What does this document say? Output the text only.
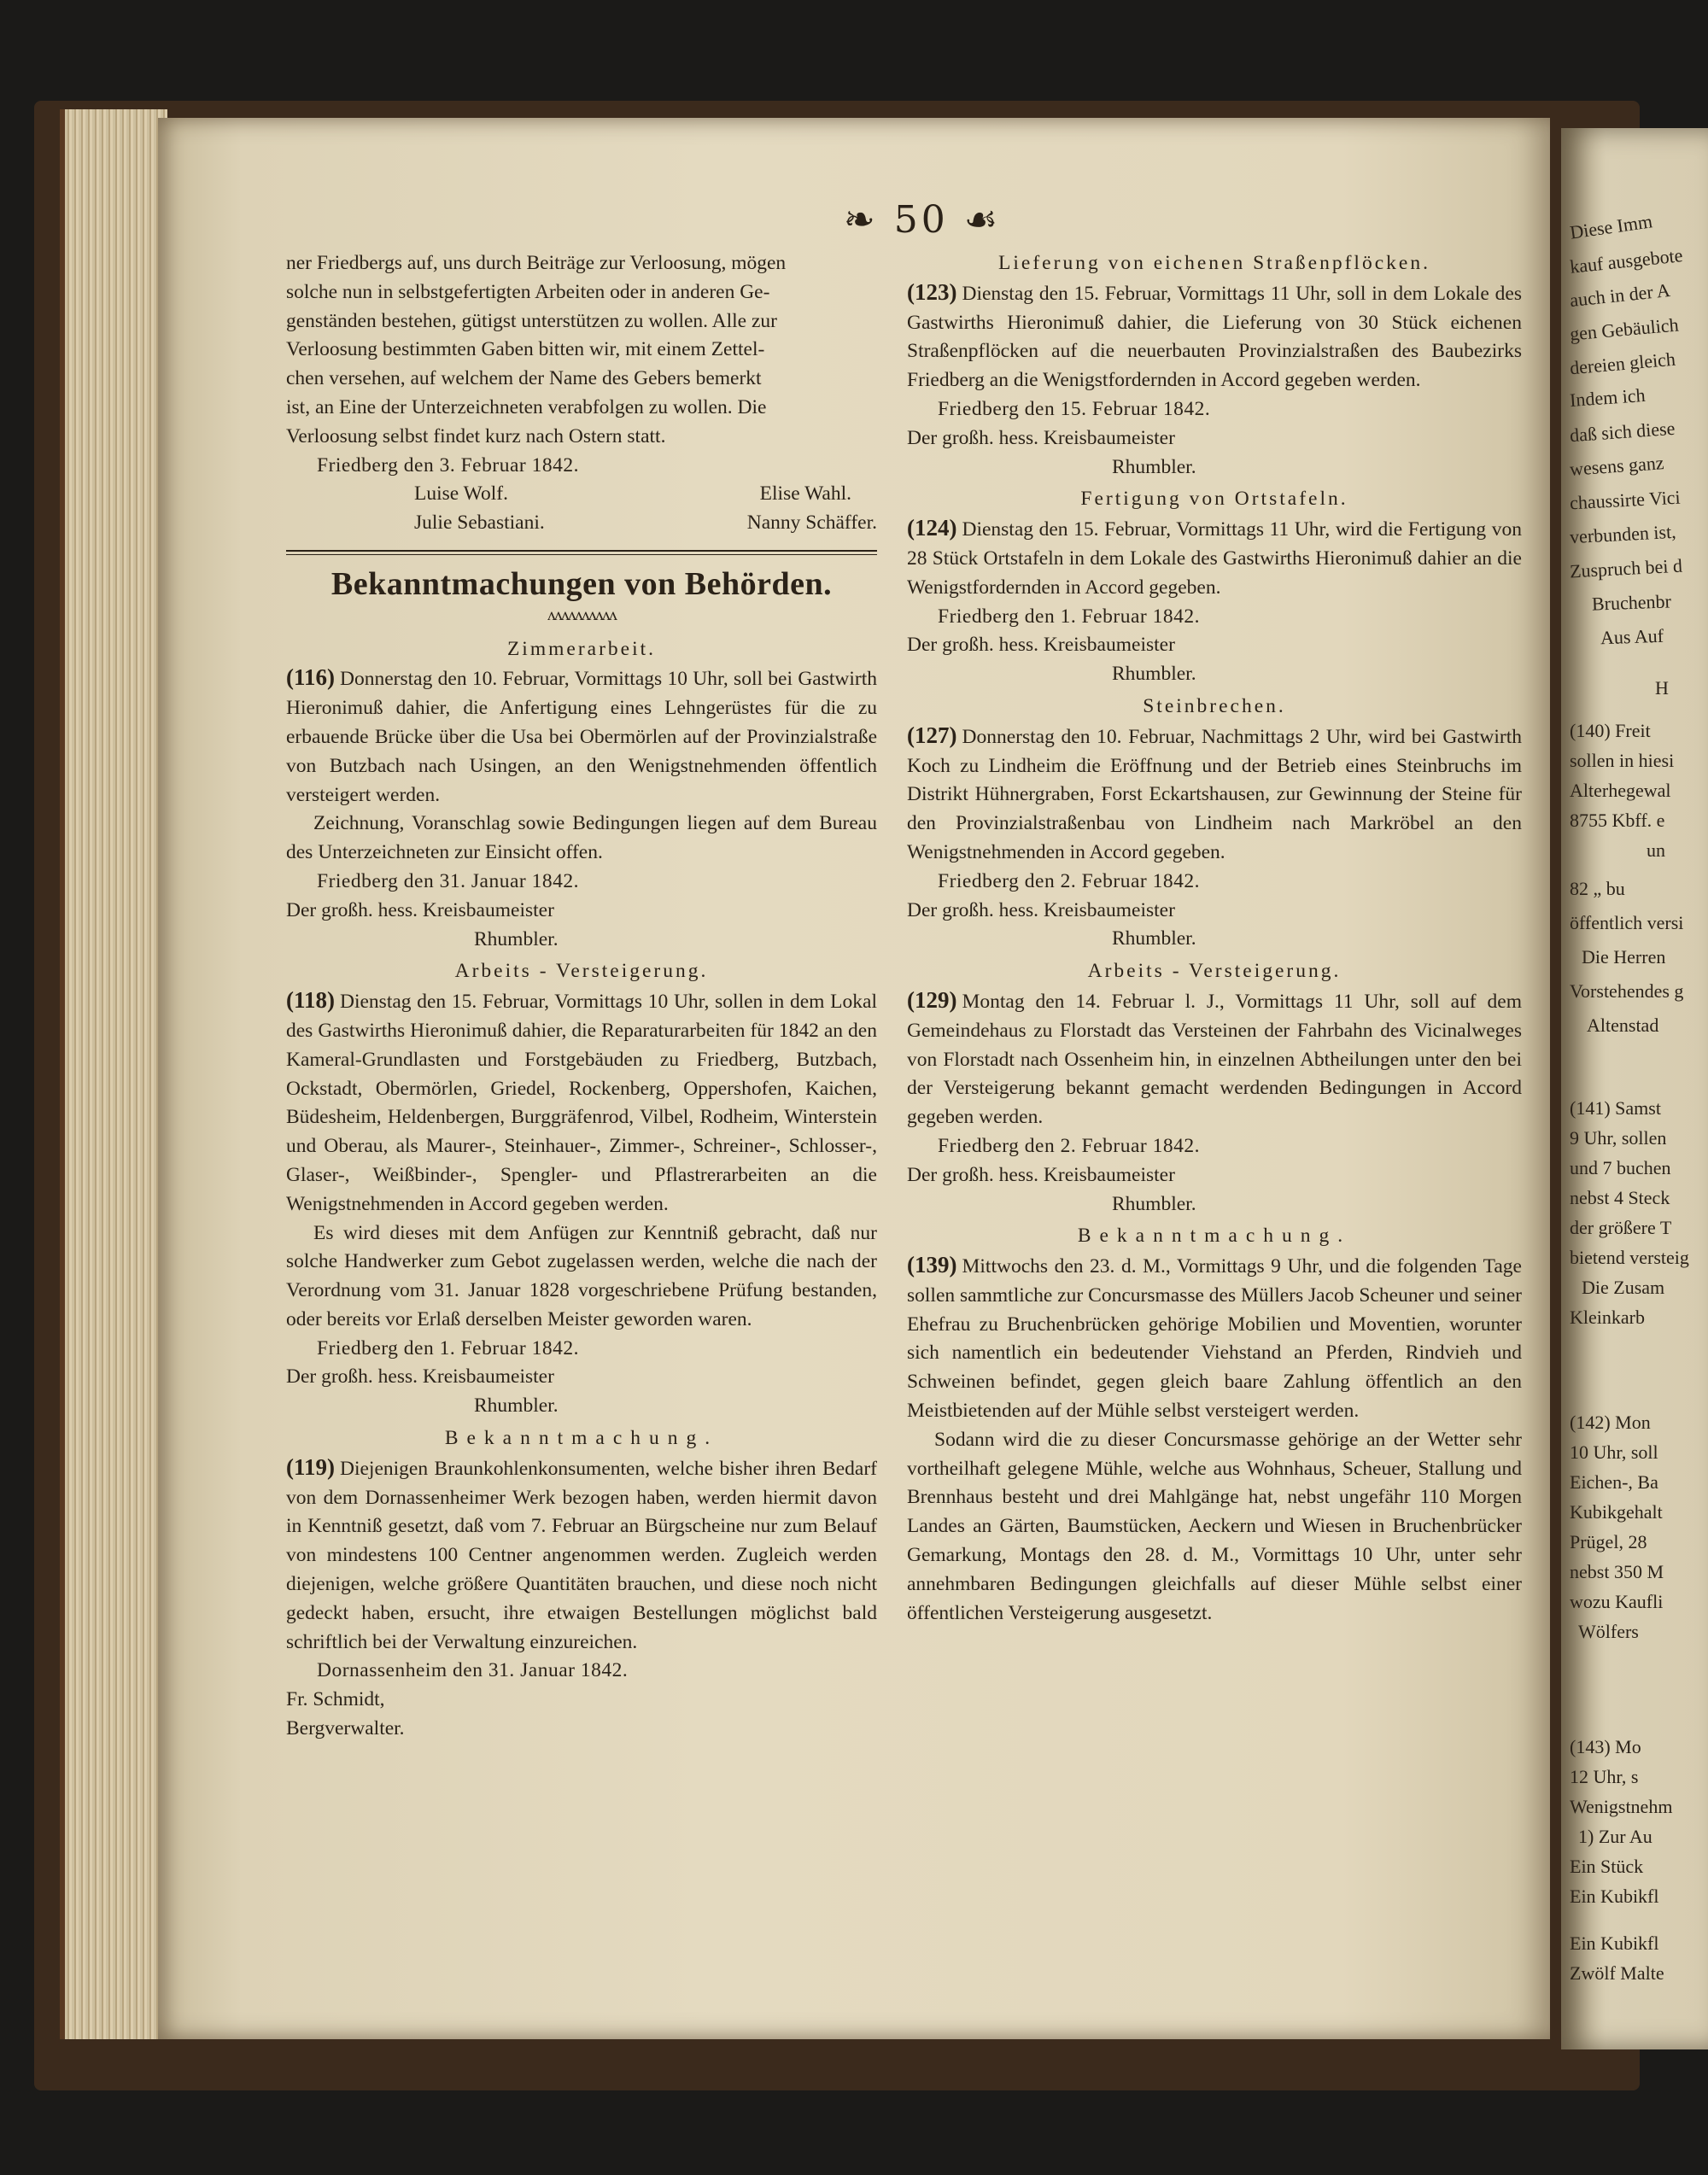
Diese Imm
kauf ausgebote
auch in der A
gen Gebäulich
dereien gleich
Indem ich
daß sich diese
wesens ganz
chaussirte Vici
verbunden ist,
Zuspruch bei d
Bruchenbr
Aus Auf
H
(140) Freit
sollen in hiesi
Alterhegewal
8755 Kbff. e
un
82 „ bu
öffentlich versi
Die Herren
Vorstehendes g
Altenstad
(141) Samst
9 Uhr, sollen
und 7 buchen
nebst 4 Steck
der größere T
bietend versteig
Die Zusam
Kleinkarb
(142) Mon
10 Uhr, soll
Eichen-, Ba
Kubikgehalt
Prügel, 28
nebst 350 M
wozu Kaufli
Wölfers
(143) Mo
12 Uhr, s
Wenigstnehm
1) Zur Au
Ein Stück
Ein Kubikfl
Ein Kubikfl
Zwölf Malte
❧ 50 ☙

ner Friedbergs auf, uns durch Beiträge zur Verloosung, mögen

solche nun in selbstgefertigten Arbeiten oder in anderen Ge-

genständen bestehen, gütigst unterstützen zu wollen. Alle zur

Verloosung bestimmten Gaben bitten wir, mit einem Zettel-

chen versehen, auf welchem der Name des Gebers bemerkt

ist, an Eine der Unterzeichneten verabfolgen zu wollen. Die

Verloosung selbst findet kurz nach Ostern statt.

Friedberg den 3. Februar 1842.

Luise Wolf.	Elise Wahl.
Julie Sebastiani.	Nanny Schäffer.
Bekanntmachungen von Behörden.
ʌʌʌʌʌʌʌʌʌʌ
Zimmerarbeit.

(116) Donnerstag den 10. Februar, Vormittags 10 Uhr, soll bei Gastwirth Hieronimuß dahier, die Anfertigung eines Lehngerüstes für die zu erbauende Brücke über die Usa bei Obermörlen auf der Provinzialstraße von Butzbach nach Usingen, an den Wenigstnehmenden öffentlich versteigert werden.

Zeichnung, Voranschlag sowie Bedingungen liegen auf dem Bureau des Unterzeichneten zur Einsicht offen.

Friedberg den 31. Januar 1842.

Der großh. hess. Kreisbaumeister

Rhumbler.

Arbeits - Versteigerung.

(118) Dienstag den 15. Februar, Vormittags 10 Uhr, sollen in dem Lokal des Gastwirths Hieronimuß dahier, die Reparaturarbeiten für 1842 an den Kameral-Grundlasten und Forstgebäuden zu Friedberg, Butzbach, Ockstadt, Obermörlen, Griedel, Rockenberg, Oppershofen, Kaichen, Büdesheim, Heldenbergen, Burggräfenrod, Vilbel, Rodheim, Winterstein und Oberau, als Maurer-, Steinhauer-, Zimmer-, Schreiner-, Schlosser-, Glaser-, Weißbinder-, Spengler- und Pflastrerarbeiten an die Wenigstnehmenden in Accord gegeben werden.

Es wird dieses mit dem Anfügen zur Kenntniß gebracht, daß nur solche Handwerker zum Gebot zugelassen werden, welche die nach der Verordnung vom 31. Januar 1828 vorgeschriebene Prüfung bestanden, oder bereits vor Erlaß derselben Meister geworden waren.

Friedberg den 1. Februar 1842.

Der großh. hess. Kreisbaumeister

Rhumbler.

Bekanntmachung.

(119) Diejenigen Braunkohlenkonsumenten, welche bisher ihren Bedarf von dem Dornassenheimer Werk bezogen haben, werden hiermit davon in Kenntniß gesetzt, daß vom 7. Februar an Bürgscheine nur zum Belauf von mindestens 100 Centner angenommen werden. Zugleich werden diejenigen, welche größere Quantitäten brauchen, und diese noch nicht gedeckt haben, ersucht, ihre etwaigen Bestellungen möglichst bald schriftlich bei der Verwaltung einzureichen.

Dornassenheim den 31. Januar 1842.

Fr. Schmidt,

Bergverwalter.

Lieferung von eichenen Straßenpflöcken.

(123) Dienstag den 15. Februar, Vormittags 11 Uhr, soll in dem Lokale des Gastwirths Hieronimuß dahier, die Lieferung von 30 Stück eichenen Straßenpflöcken auf die neuerbauten Provinzialstraßen des Baubezirks Friedberg an die Wenigstfordernden in Accord gegeben werden.

Friedberg den 15. Februar 1842.

Der großh. hess. Kreisbaumeister

Rhumbler.

Fertigung von Ortstafeln.

(124) Dienstag den 15. Februar, Vormittags 11 Uhr, wird die Fertigung von 28 Stück Ortstafeln in dem Lokale des Gastwirths Hieronimuß dahier an die Wenigstfordernden in Accord gegeben.

Friedberg den 1. Februar 1842.

Der großh. hess. Kreisbaumeister

Rhumbler.

Steinbrechen.

(127) Donnerstag den 10. Februar, Nachmittags 2 Uhr, wird bei Gastwirth Koch zu Lindheim die Eröffnung und der Betrieb eines Steinbruchs im Distrikt Hühnergraben, Forst Eckartshausen, zur Gewinnung der Steine für den Provinzialstraßenbau von Lindheim nach Markröbel an den Wenigstnehmenden in Accord gegeben.

Friedberg den 2. Februar 1842.

Der großh. hess. Kreisbaumeister

Rhumbler.

Arbeits - Versteigerung.

(129) Montag den 14. Februar l. J., Vormittags 11 Uhr, soll auf dem Gemeindehaus zu Florstadt das Versteinen der Fahrbahn des Vicinalweges von Florstadt nach Ossenheim hin, in einzelnen Abtheilungen unter den bei der Versteigerung bekannt gemacht werdenden Bedingungen in Accord gegeben werden.

Friedberg den 2. Februar 1842.

Der großh. hess. Kreisbaumeister

Rhumbler.

Bekanntmachung.

(139) Mittwochs den 23. d. M., Vormittags 9 Uhr, und die folgenden Tage sollen sammtliche zur Concursmasse des Müllers Jacob Scheuner und seiner Ehefrau zu Bruchenbrücken gehörige Mobilien und Moventien, worunter sich namentlich ein bedeutender Viehstand an Pferden, Rindvieh und Schweinen befindet, gegen gleich baare Zahlung öffentlich an den Meistbietenden auf der Mühle selbst versteigert werden.

Sodann wird die zu dieser Concursmasse gehörige an der Wetter sehr vortheilhaft gelegene Mühle, welche aus Wohnhaus, Scheuer, Stallung und Brennhaus besteht und drei Mahlgänge hat, nebst ungefähr 110 Morgen Landes an Gärten, Baumstücken, Aeckern und Wiesen in Bruchenbrücker Gemarkung, Montags den 28. d. M., Vormittags 10 Uhr, unter sehr annehmbaren Bedingungen gleichfalls auf dieser Mühle selbst einer öffentlichen Versteigerung ausgesetzt.
